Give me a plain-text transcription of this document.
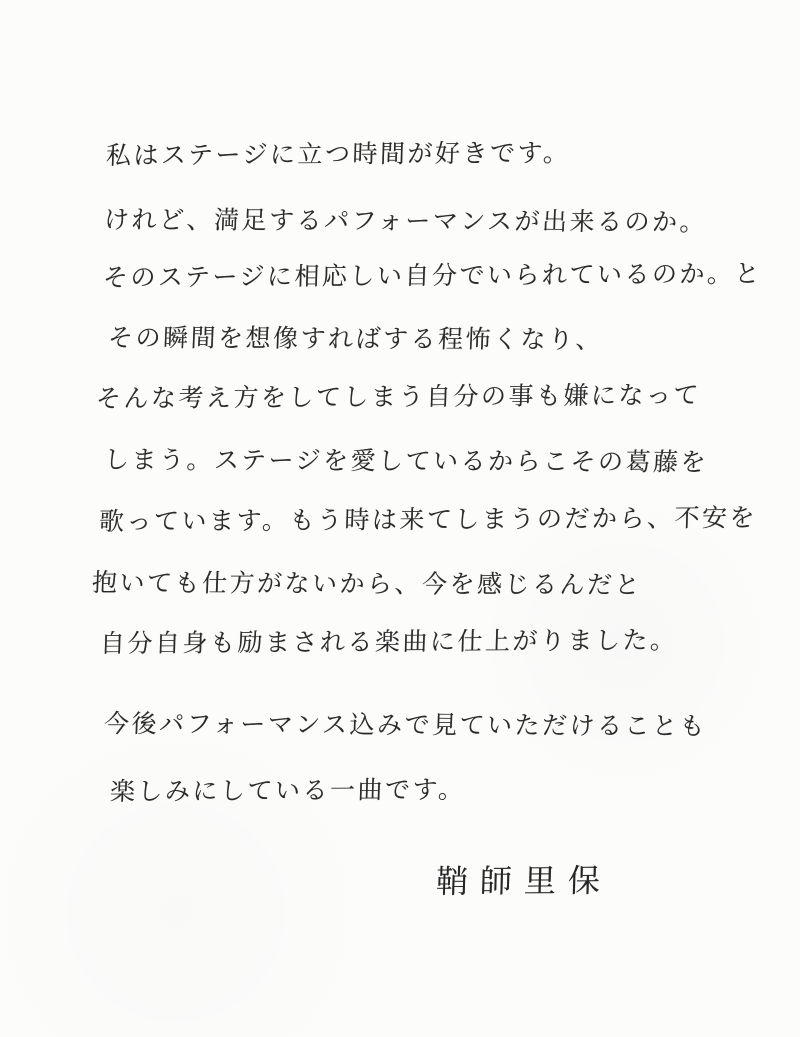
私はステージに立つ時間が好きです。
けれど、満足するパフォーマンスが出来るのか。
そのステージに相応しい自分でいられているのか。と
その瞬間を想像すればする程怖くなり、
そんな考え方をしてしまう自分の事も嫌になって
しまう。ステージを愛しているからこその葛藤を
歌っています。もう時は来てしまうのだから、不安を
抱いても仕方がないから、今を感じるんだと
自分自身も励まされる楽曲に仕上がりました。
今後パフォーマンス込みで見ていただけることも
楽しみにしている一曲です。
鞘師里保
